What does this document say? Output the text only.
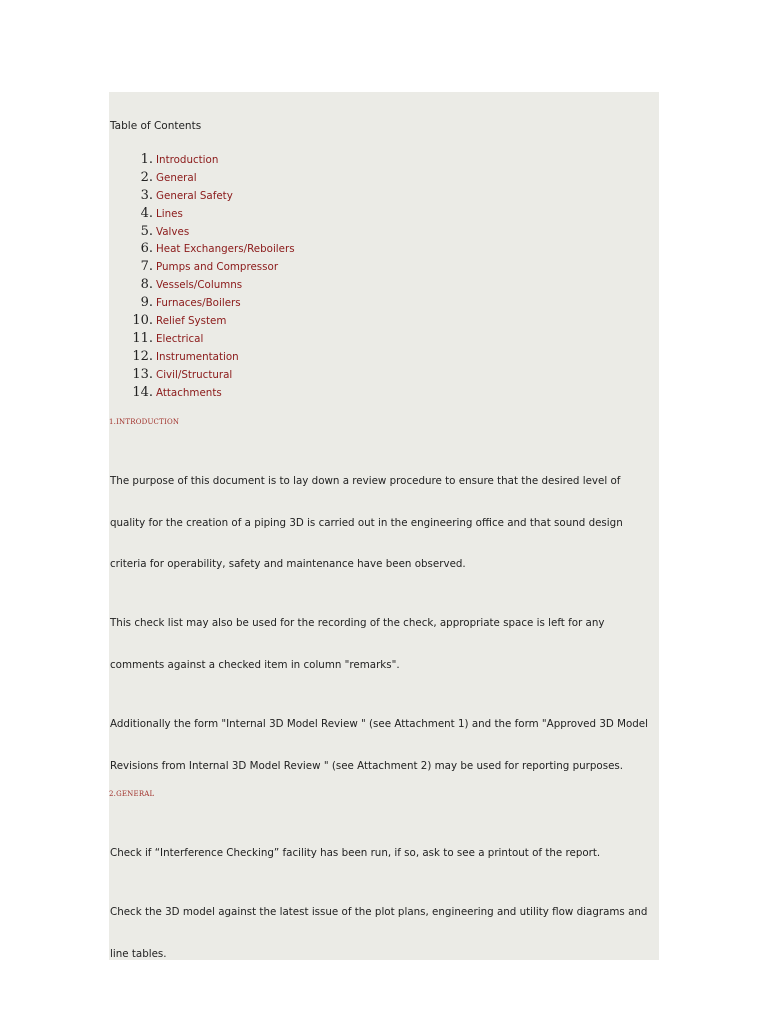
Table of Contents
1. Introduction
2. General
3. General Safety
4. Lines
5. Valves
6. Heat Exchangers/Reboilers
7. Pumps and Compressor
8. Vessels/Columns
9. Furnaces/Boilers
10. Relief System
11. Electrical
12. Instrumentation
13. Civil/Structural
14. Attachments
1.INTRODUCTION
The purpose of this document is to lay down a review procedure to ensure that the desired level of
quality for the creation of a piping 3D is carried out in the engineering office and that sound design
criteria for operability, safety and maintenance have been observed.
This check list may also be used for the recording of the check, appropriate space is left for any
comments against a checked item in column "remarks".
Additionally the form "Internal 3D Model Review " (see Attachment 1) and the form "Approved 3D Model
Revisions from Internal 3D Model Review " (see Attachment 2) may be used for reporting purposes.
2.GENERAL
Check if “Interference Checking” facility has been run, if so, ask to see a printout of the report.
Check the 3D model against the latest issue of the plot plans, engineering and utility flow diagrams and
line tables.
